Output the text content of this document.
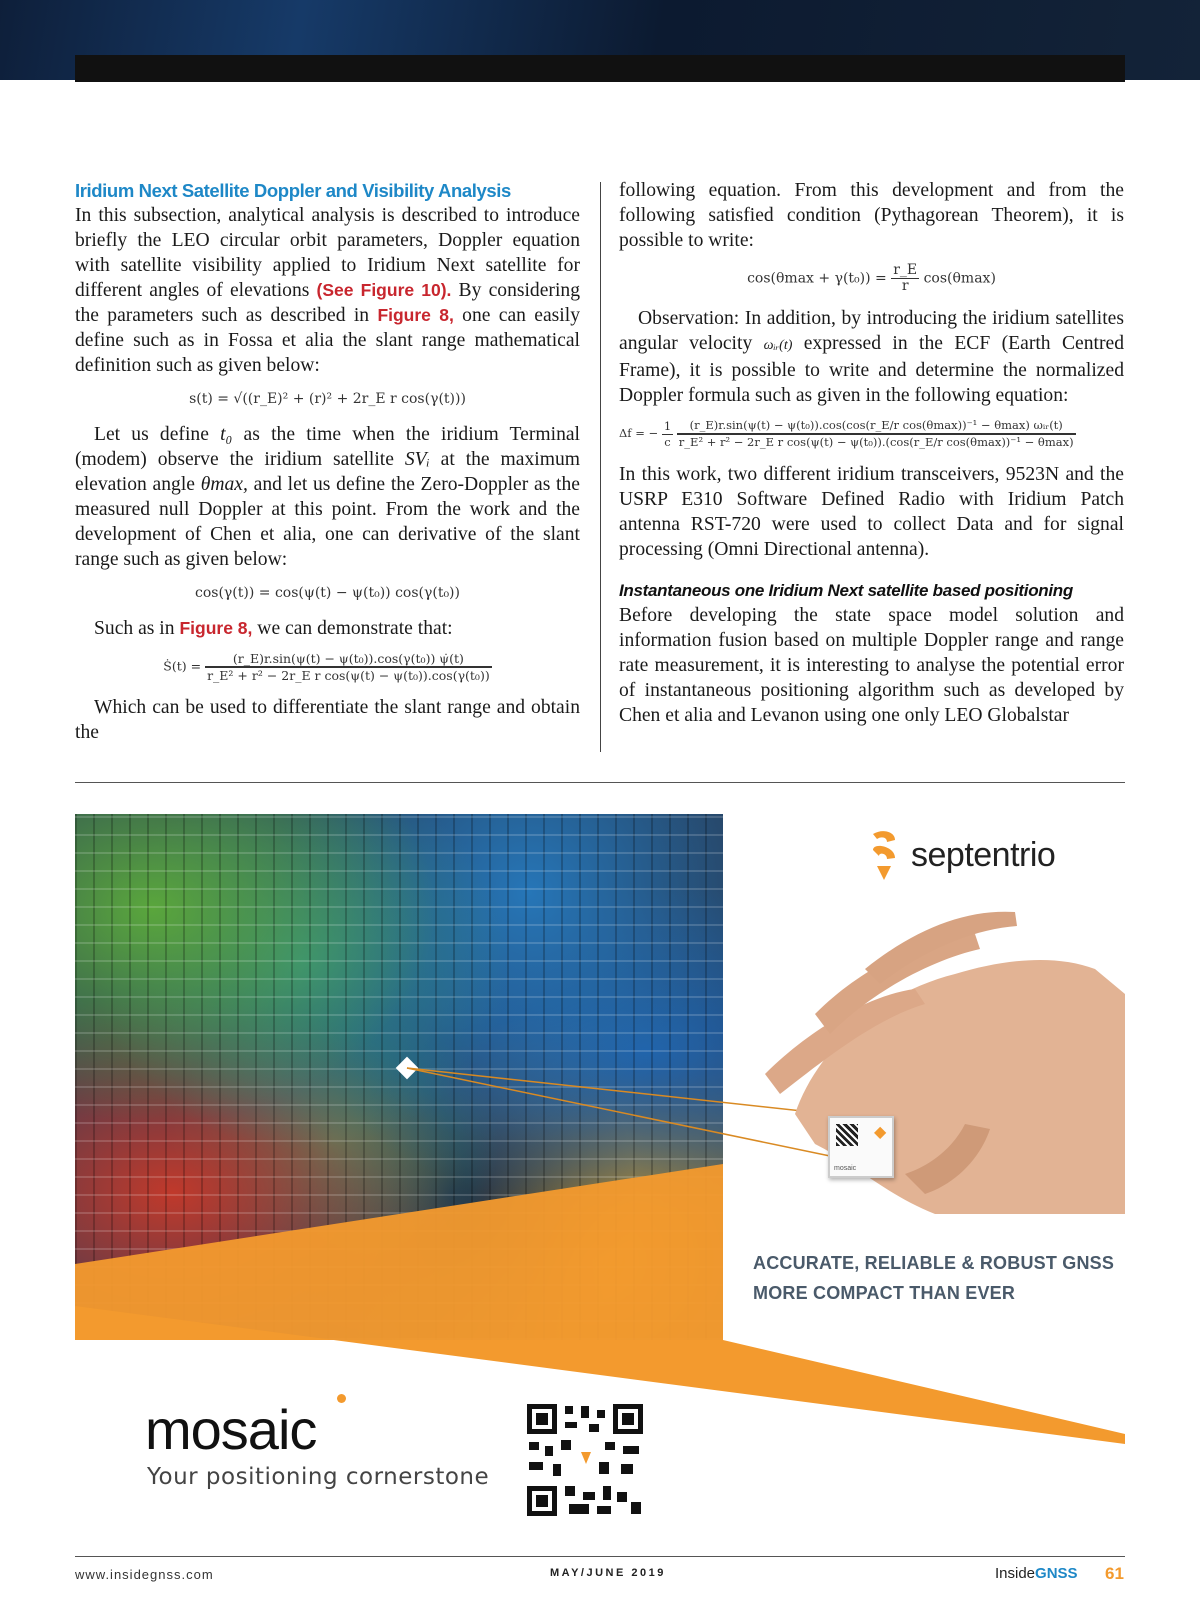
Iridium Next Satellite Doppler and Visibility Analysis

In this subsection, analytical analysis is described to introduce briefly the LEO circular orbit parameters, Doppler equation with satellite visibility applied to Iridium Next satellite for different angles of elevations (See Figure 10). By considering the parameters such as described in Figure 8, one can easily define such as in Fossa et alia the slant range mathematical definition such as given below:

s(t) = √((r_E)² + (r)² + 2r_E r cos(γ(t)))

Let us define t₀ as the time when the iridium Terminal (modem) observe the iridium satellite SVᵢ at the maximum elevation angle θmax, and let us define the Zero-Doppler as the measured null Doppler at this point. From the work and the development of Chen et alia, one can derivative of the slant range such as given below:

cos(γ(t)) = cos(ψ(t) − ψ(t₀)) cos(γ(t₀))

Such as in Figure 8, we can demonstrate that:

Ṡ(t) = $\frac{\text{(r\_E)r.sin(ψ(t) − ψ(t₀)).cos(γ(t₀)) ψ̇(t)}}{\text{r\_E² + r² − 2r\_E r cos(ψ(t) − ψ(t₀)).cos(γ(t₀))}}$

Which can be used to differentiate the slant range and obtain the

following equation. From this development and from the following satisfied condition (Pythagorean Theorem), it is possible to write:

$\cos(\theta\max + \gamma(t_0)) = \frac{r\_E}{r} \cos(\theta\max)$

Observation: In addition, by introducing the iridium satellites angular velocity ωᵢᵣ(t) expressed in the ECF (Earth Centred Frame), it is possible to write and determine the normalized Doppler formula such as given in the following equation:

Δf = − $\frac{1}{c}$
	(r_E)r.sin(ψ(t) − ψ(t₀)).cos(cos(r_E/r cos(θmax))⁻¹ − θmax) ωᵢᵣ(t)
r_E² + r² − 2r_E r cos(ψ(t) − ψ(t₀)).(cos(r_E/r cos(θmax))⁻¹ − θmax)

In this work, two different iridium transceivers, 9523N and the USRP E310 Software Defined Radio with Iridium Patch antenna RST-720 were used to collect Data and for signal processing (Omni Directional antenna).

Instantaneous one Iridium Next satellite based positioning

Before developing the state space model solution and information fusion based on multiple Doppler range and range rate measurement, it is interesting to analyse the potential error of instantaneous positioning algorithm such as developed by Chen et alia and Levanon using one only LEO Globalstar

◆
mosaic
septentrio
ACCURATE, RELIABLE & ROBUST GNSS
MORE COMPACT THAN EVER
mosaic
Your positioning cornerstone
www.insidegnss.com	MAY/JUNE 2019	InsideGNSS 61
